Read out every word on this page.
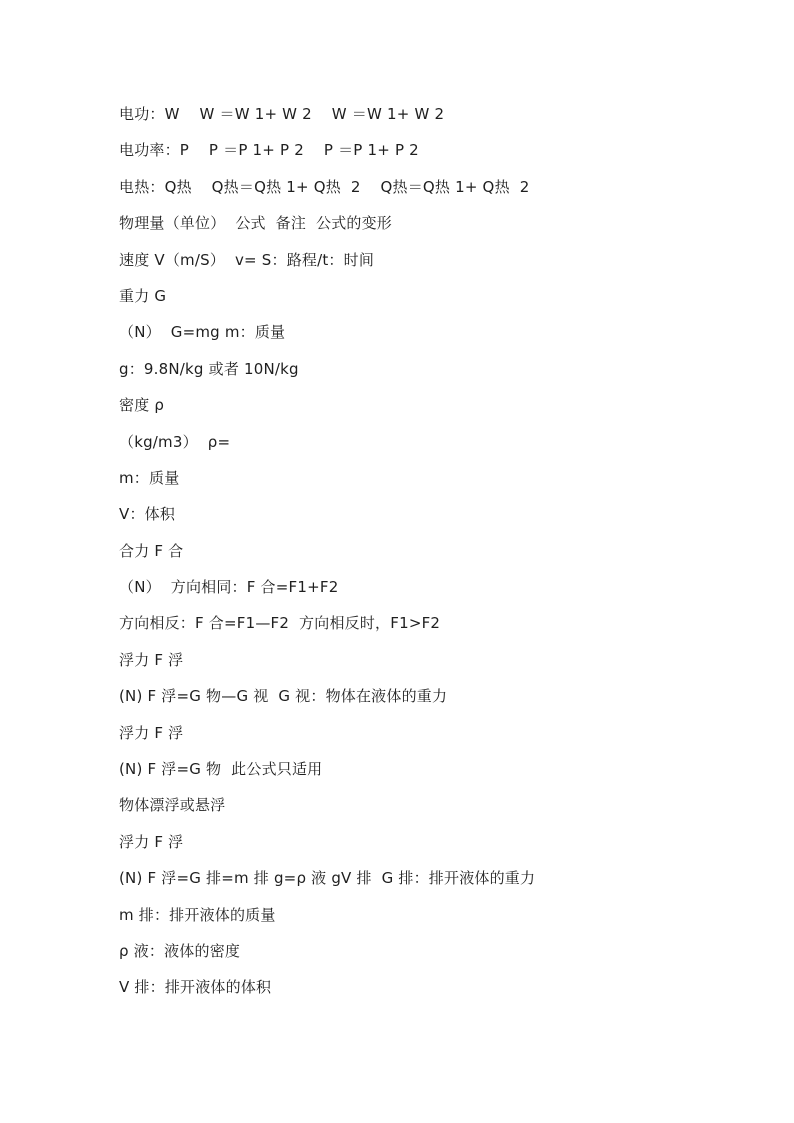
电功：W    W ＝W 1+ W 2    W ＝W 1+ W 2
电功率：P    P ＝P 1+ P 2    P ＝P 1+ P 2
电热：Q热    Q热＝Q热 1+ Q热  2    Q热＝Q热 1+ Q热  2
物理量（单位）  公式  备注  公式的变形
速度 V（m/S）  v= S：路程/t：时间
重力 G
（N）  G=mg m：质量
g：9.8N/kg 或者 10N/kg
密度 ρ
（kg/m3）  ρ=
m：质量
V：体积
合力 F 合
（N）  方向相同：F 合=F1+F2
方向相反：F 合=F1—F2  方向相反时，F1>F2
浮力 F 浮
(N) F 浮=G 物—G 视  G 视：物体在液体的重力
浮力 F 浮
(N) F 浮=G 物  此公式只适用
物体漂浮或悬浮
浮力 F 浮
(N) F 浮=G 排=m 排 g=ρ 液 gV 排  G 排：排开液体的重力
m 排：排开液体的质量
ρ 液：液体的密度
V 排：排开液体的体积
